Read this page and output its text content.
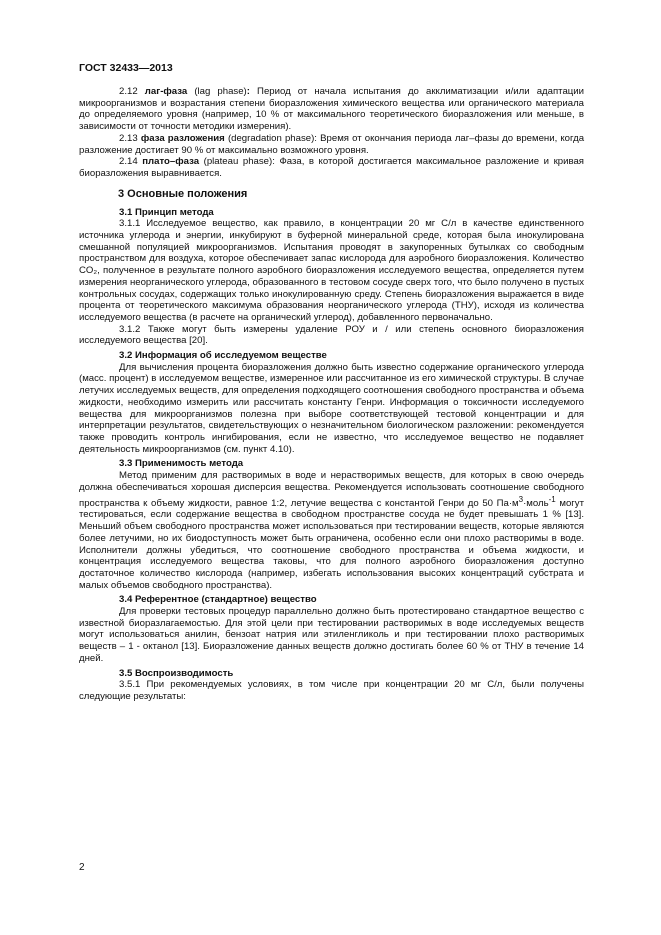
ГОСТ 32433—2013

2.12 лаг-фаза (lag phase): Период от начала испытания до акклиматизации и/или адаптации микроорганизмов и возрастания степени биоразложения химического вещества или органического материала до определяемого уровня (например, 10 % от максимального теоретического биоразложения или меньше, в зависимости от точности методики измерения).

2.13 фаза разложения (degradation phase): Время от окончания периода лаг–фазы до времени, когда разложение достигает 90 % от максимально возможного уровня.

2.14 плато–фаза (plateau phase): Фаза, в которой достигается максимальное разложение и кривая биоразложения выравнивается.

3 Основные положения
3.1 Принцип метода

3.1.1 Исследуемое вещество, как правило, в концентрации 20 мг С/л в качестве единственного источника углерода и энергии, инкубируют в буферной минеральной среде, которая была инокулирована смешанной популяцией микроорганизмов. Испытания проводят в закупоренных бутылках со свободным пространством для воздуха, которое обеспечивает запас кислорода для аэробного биоразложения. Количество CO₂, полученное в результате полного аэробного биоразложения исследуемого вещества, определяется путем измерения неорганического углерода, образованного в тестовом сосуде сверх того, что было получено в пустых контрольных сосудах, содержащих только инокулированную среду. Степень биоразложения выражается в виде процента от теоретического максимума образования неорганического углерода (ТНУ), исходя из количества исследуемого вещества (в расчете на органический углерод), добавленного первоначально.

3.1.2 Также могут быть измерены удаление РОУ и / или степень основного биоразложения исследуемого вещества [20].

3.2 Информация об исследуемом веществе

Для вычисления процента биоразложения должно быть известно содержание органического углерода (масс. процент) в исследуемом веществе, измеренное или рассчитанное из его химической структуры. В случае летучих исследуемых веществ, для определения подходящего соотношения свободного пространства и объема жидкости, необходимо измерить или рассчитать константу Генри. Информация о токсичности исследуемого вещества для микроорганизмов полезна при выборе соответствующей тестовой концентрации и для интерпретации результатов, свидетельствующих о незначительном биологическом разложении: рекомендуется также проводить контроль ингибирования, если не известно, что исследуемое вещество не подавляет деятельность микроорганизмов (см. пункт 4.10).

3.3 Применимость метода

Метод применим для растворимых в воде и нерастворимых веществ, для которых в свою очередь должна обеспечиваться хорошая дисперсия вещества. Рекомендуется использовать соотношение свободного пространства к объему жидкости, равное 1:2, летучие вещества с константой Генри до 50 $Па\cdot м^3\cdot моль^{-1}$ могут тестироваться, если содержание вещества в свободном пространстве сосуда не будет превышать 1 % [13]. Меньший объем свободного пространства может использоваться при тестировании веществ, которые являются более летучими, но их биодоступность может быть ограничена, особенно если они плохо растворимы в воде. Исполнители должны убедиться, что соотношение свободного пространства и объема жидкости, и концентрация исследуемого вещества таковы, что для полного аэробного биоразложения доступно достаточное количество кислорода (например, избегать использования высоких концентраций субстрата и малых объемов свободного пространства).

3.4 Референтное (стандартное) вещество

Для проверки тестовых процедур параллельно должно быть протестировано стандартное вещество с известной биоразлагаемостью. Для этой цели при тестировании растворимых в воде исследуемых веществ могут использоваться анилин, бензоат натрия или этиленгликоль и при тестировании плохо растворимых веществ – 1 - октанол [13]. Биоразложение данных веществ должно достигать более 60 % от ТНУ в течение 14 дней.

3.5 Воспроизводимость

3.5.1 При рекомендуемых условиях, в том числе при концентрации 20 мг С/л, были получены следующие результаты:

2
